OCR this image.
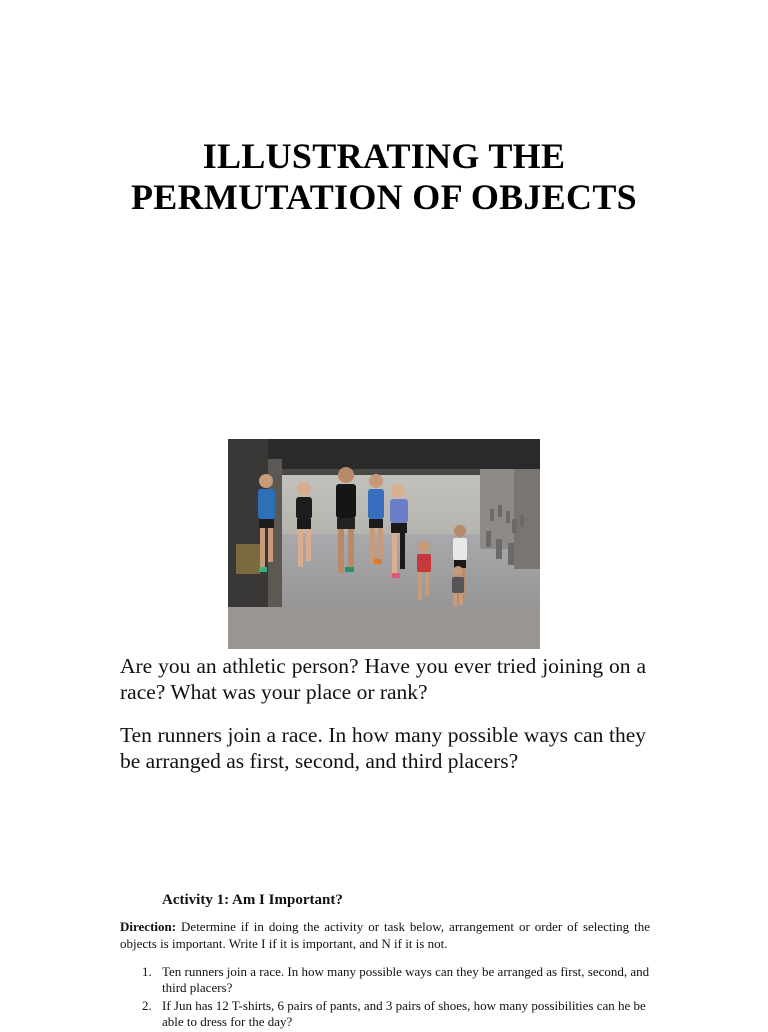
ILLUSTRATING THE
PERMUTATION OF OBJECTS
Are you an athletic person? Have you ever tried joining on a race? What was your place or rank?
Ten runners join a race. In how many possible ways can they be arranged as first, second, and third placers?
Activity 1: Am I Important?
Direction: Determine if in doing the activity or task below, arrangement or order of selecting the objects is important. Write I if it is important, and N if it is not.
1. Ten runners join a race. In how many possible ways can they be arranged as first, second, and third placers?
2. If Jun has 12 T-shirts, 6 pairs of pants, and 3 pairs of shoes, how many possibilities can he be able to dress for the day?
